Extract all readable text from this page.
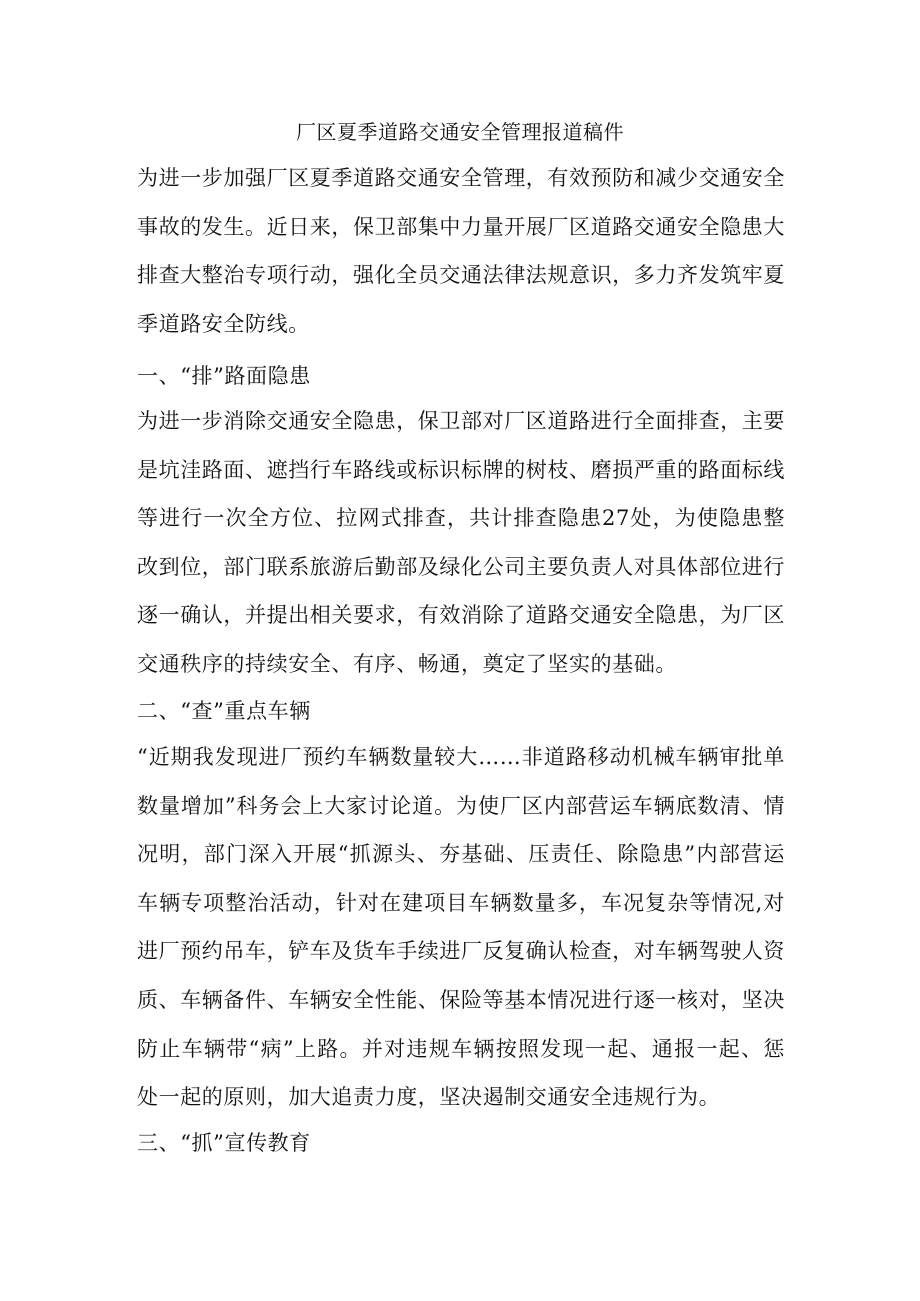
厂区夏季道路交通安全管理报道稿件

为进一步加强厂区夏季道路交通安全管理，有效预防和减少交通安全事故的发生。近日来，保卫部集中力量开展厂区道路交通安全隐患大排查大整治专项行动，强化全员交通法律法规意识，多力齐发筑牢夏季道路安全防线。

一、“排”路面隐患

为进一步消除交通安全隐患，保卫部对厂区道路进行全面排查，主要是坑洼路面、遮挡行车路线或标识标牌的树枝、磨损严重的路面标线等进行一次全方位、拉网式排查，共计排查隐患27处，为使隐患整改到位，部门联系旅游后勤部及绿化公司主要负责人对具体部位进行逐一确认，并提出相关要求，有效消除了道路交通安全隐患，为厂区交通秩序的持续安全、有序、畅通，奠定了坚实的基础。

二、“查”重点车辆

“近期我发现进厂预约车辆数量较大……非道路移动机械车辆审批单数量增加”科务会上大家讨论道。为使厂区内部营运车辆底数清、情况明，部门深入开展“抓源头、夯基础、压责任、除隐患”内部营运车辆专项整治活动，针对在建项目车辆数量多，车况复杂等情况,对进厂预约吊车，铲车及货车手续进厂反复确认检查，对车辆驾驶人资质、车辆备件、车辆安全性能、保险等基本情况进行逐一核对，坚决防止车辆带“病”上路。并对违规车辆按照发现一起、通报一起、惩处一起的原则，加大追责力度，坚决遏制交通安全违规行为。

三、“抓”宣传教育
